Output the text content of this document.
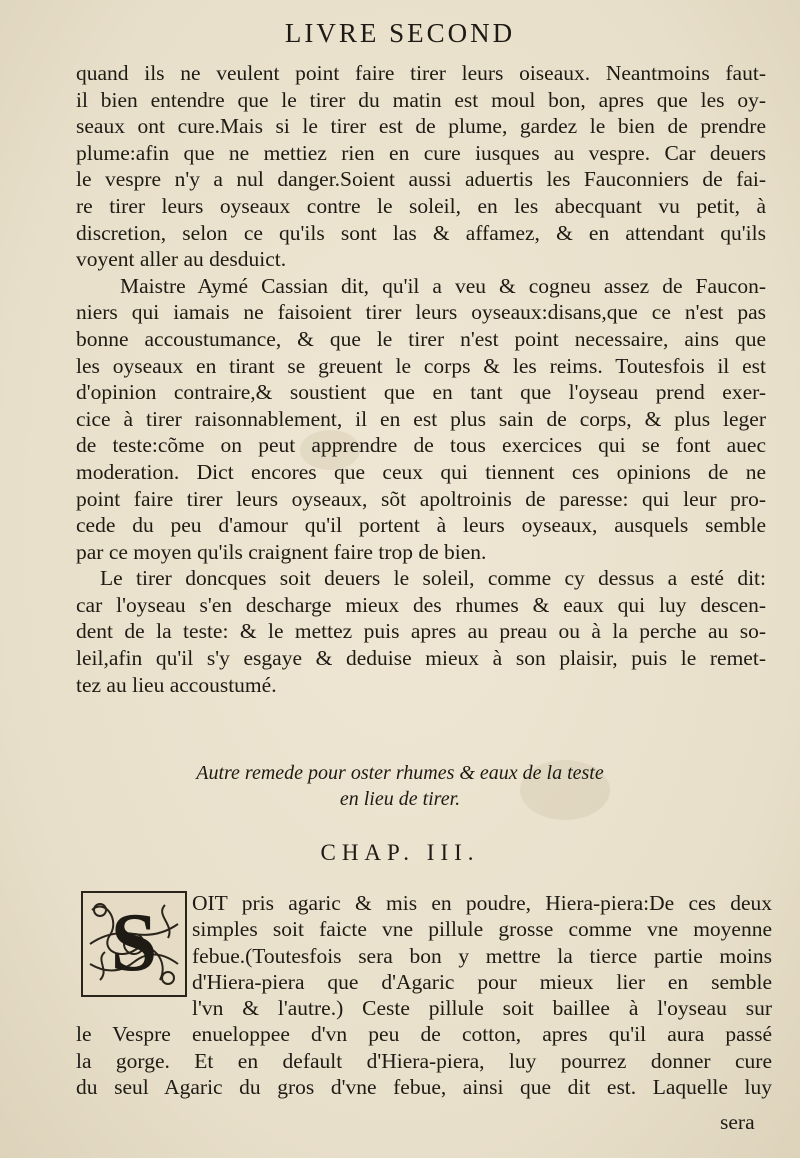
LIVRE SECOND
quand ils ne veulent point faire tirer leurs oiseaux. Neantmoins faut-
il bien entendre que le tirer du matin est moul bon, apres que les oy-
seaux ont cure.Mais si le tirer est de plume, gardez le bien de prendre
plume:afin que ne mettiez rien en cure iusques au vespre. Car deuers
le vespre n'y a nul danger.Soient aussi aduertis les Fauconniers de fai-
re tirer leurs oyseaux contre le soleil, en les abecquant vu petit, à
discretion, selon ce qu'ils sont las & affamez, & en attendant qu'ils
voyent aller au desduict.
Maistre Aymé Cassian dit, qu'il a veu & cogneu assez de Faucon-
niers qui iamais ne faisoient tirer leurs oyseaux:disans,que ce n'est pas
bonne accoustumance, & que le tirer n'est point necessaire, ains que
les oyseaux en tirant se greuent le corps & les reims. Toutesfois il est
d'opinion contraire,& soustient que en tant que l'oyseau prend exer-
cice à tirer raisonnablement, il en est plus sain de corps, & plus leger
de teste:cõme on peut apprendre de tous exercices qui se font auec
moderation. Dict encores que ceux qui tiennent ces opinions de ne
point faire tirer leurs oyseaux, sõt apoltroinis de paresse: qui leur pro-
cede du peu d'amour qu'il portent à leurs oyseaux, ausquels semble
par ce moyen qu'ils craignent faire trop de bien.
Le tirer doncques soit deuers le soleil, comme cy dessus a esté dit:
car l'oyseau s'en descharge mieux des rhumes & eaux qui luy descen-
dent de la teste: & le mettez puis apres au preau ou à la perche au so-
leil,afin qu'il s'y esgaye & deduise mieux à son plaisir, puis le remet-
tez au lieu accoustumé.
Autre remede pour oster rhumes & eaux de la teste
en lieu de tirer.
CHAP. III.
S	OIT pris agaric & mis en poudre, Hiera-piera:De ces deux
simples soit faicte vne pillule grosse comme vne moyenne
febue.(Toutesfois sera bon y mettre la tierce partie moins
d'Hiera-piera que d'Agaric pour mieux lier en semble
l'vn & l'autre.) Ceste pillule soit baillee à l'oyseau sur
le Vespre enueloppee d'vn peu de cotton, apres qu'il aura passé
la gorge. Et en default d'Hiera-piera, luy pourrez donner cure
du seul Agaric du gros d'vne febue, ainsi que dit est. Laquelle luy
sera
